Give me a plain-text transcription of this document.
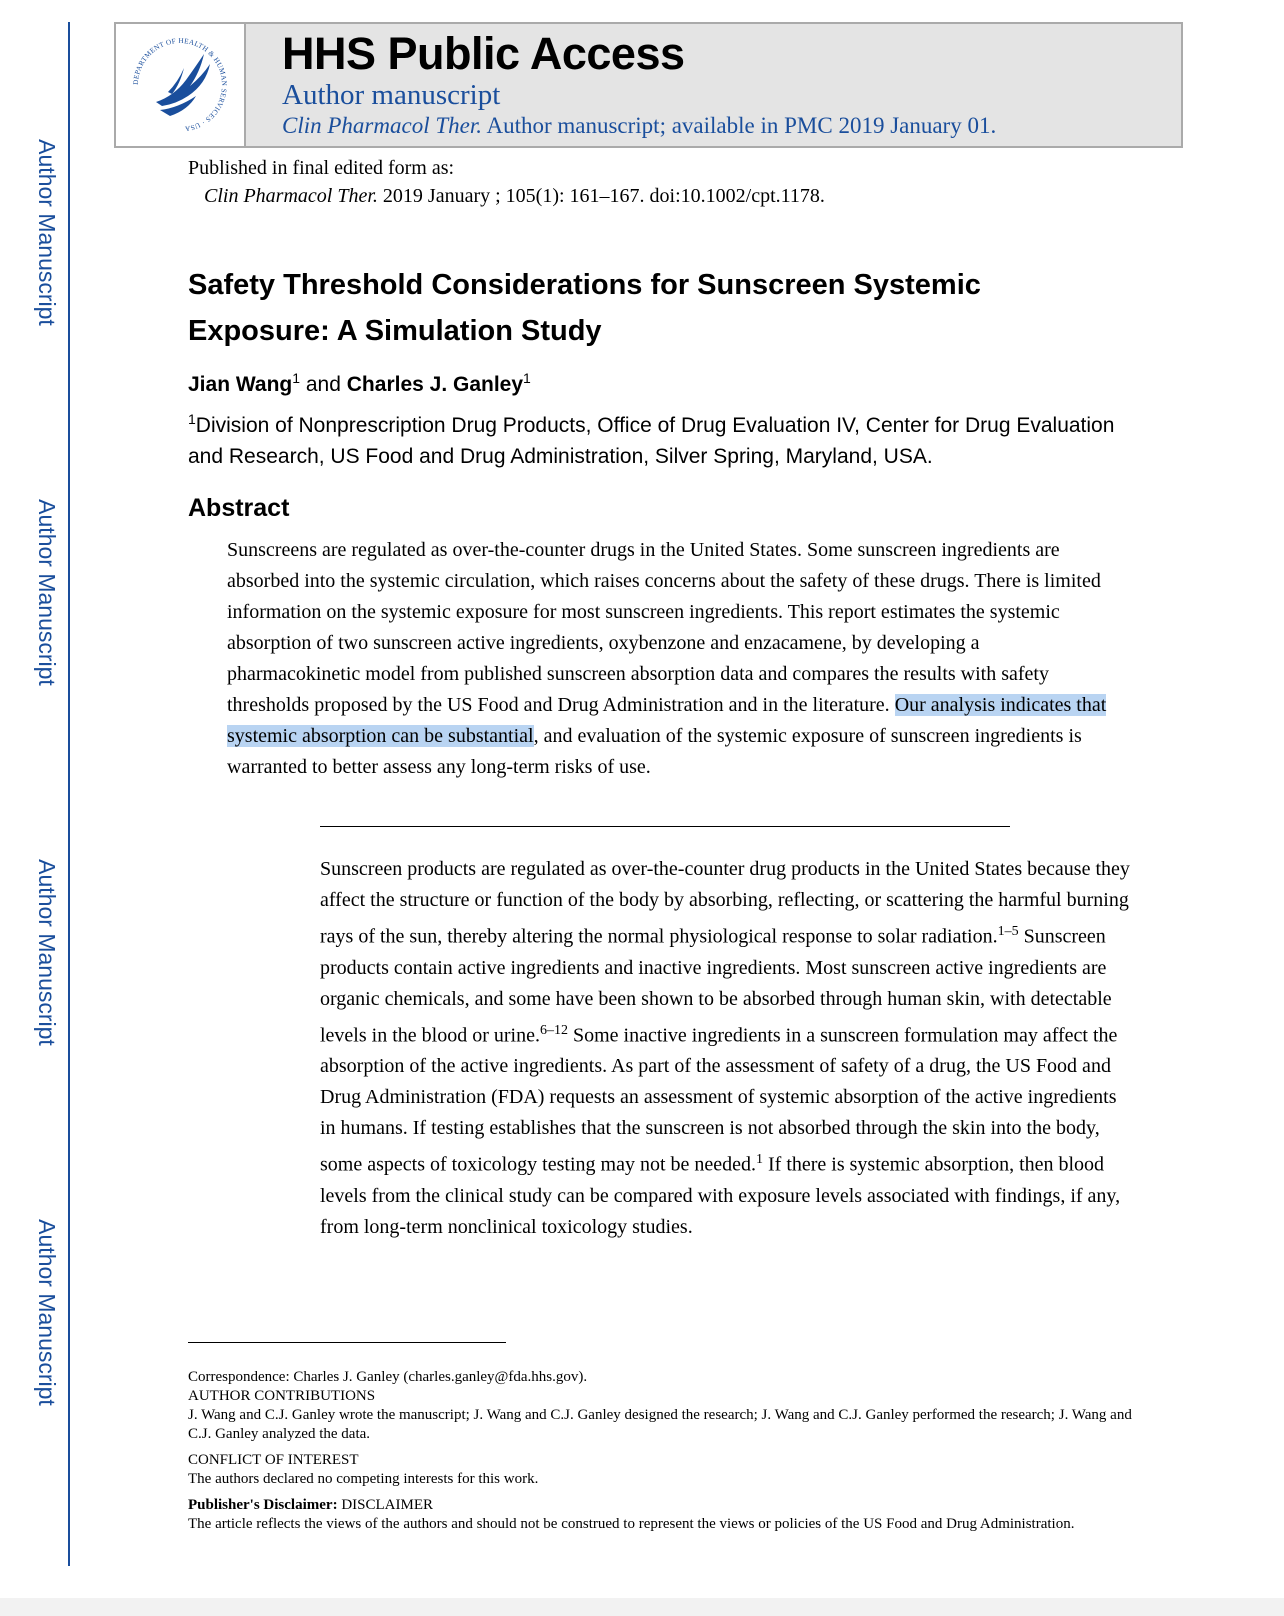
Author Manuscript
Author Manuscript
Author Manuscript
Author Manuscript
DEPARTMENT OF HEALTH & HUMAN SERVICES · USA
HHS Public Access
Author manuscript
Clin Pharmacol Ther. Author manuscript; available in PMC 2019 January 01.
Published in final edited form as:
Clin Pharmacol Ther. 2019 January ; 105(1): 161–167. doi:10.1002/cpt.1178.
Safety Threshold Considerations for Sunscreen Systemic Exposure: A Simulation Study
Jian Wang$^1$ and Charles J. Ganley$^1$
$^1$Division of Nonprescription Drug Products, Office of Drug Evaluation IV, Center for Drug Evaluation and Research, US Food and Drug Administration, Silver Spring, Maryland, USA.
Abstract
Sunscreens are regulated as over-the-counter drugs in the United States. Some sunscreen ingredients are absorbed into the systemic circulation, which raises concerns about the safety of these drugs. There is limited information on the systemic exposure for most sunscreen ingredients. This report estimates the systemic absorption of two sunscreen active ingredients, oxybenzone and enzacamene, by developing a pharmacokinetic model from published sunscreen absorption data and compares the results with safety thresholds proposed by the US Food and Drug Administration and in the literature. Our analysis indicates that systemic absorption can be substantial, and evaluation of the systemic exposure of sunscreen ingredients is warranted to better assess any long-term risks of use.
Sunscreen products are regulated as over-the-counter drug products in the United States because they affect the structure or function of the body by absorbing, reflecting, or scattering the harmful burning rays of the sun, thereby altering the normal physiological response to solar radiation.$^{1-5}$ Sunscreen products contain active ingredients and inactive ingredients. Most sunscreen active ingredients are organic chemicals, and some have been shown to be absorbed through human skin, with detectable levels in the blood or urine.$^{6-12}$ Some inactive ingredients in a sunscreen formulation may affect the absorption of the active ingredients. As part of the assessment of safety of a drug, the US Food and Drug Administration (FDA) requests an assessment of systemic absorption of the active ingredients in humans. If testing establishes that the sunscreen is not absorbed through the skin into the body, some aspects of toxicology testing may not be needed.$^1$ If there is systemic absorption, then blood levels from the clinical study can be compared with exposure levels associated with findings, if any, from long-term nonclinical toxicology studies.
Correspondence: Charles J. Ganley (charles.ganley@fda.hhs.gov).
AUTHOR CONTRIBUTIONS
J. Wang and C.J. Ganley wrote the manuscript; J. Wang and C.J. Ganley designed the research; J. Wang and C.J. Ganley performed the research; J. Wang and C.J. Ganley analyzed the data.
CONFLICT OF INTEREST
The authors declared no competing interests for this work.
Publisher's Disclaimer: DISCLAIMER
The article reflects the views of the authors and should not be construed to represent the views or policies of the US Food and Drug Administration.
